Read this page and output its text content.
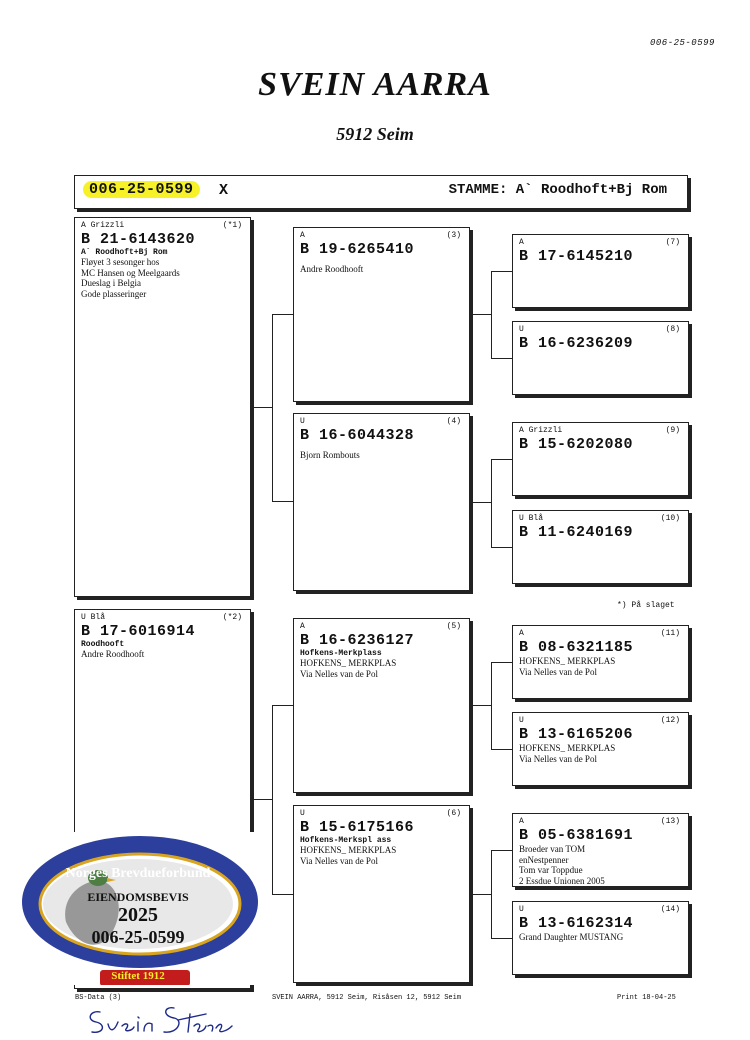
006-25-0599
SVEIN AARRA
5912 Seim
006-25-0599	X	STAMME: A` Roodhoft+Bj Rom
A Grizzli	(*1)
B 21-6143620
A` Roodhoft+Bj Rom
Fløyet 3 sesonger hos
MC Hansen og Meelgaards
Dueslag i Belgia
Gode plasseringer
U Blå	(*2)
B 17-6016914
Roodhooft
Andre Roodhooft
A	(3)
B 19-6265410
Andre Roodhooft
U	(4)
B 16-6044328
Bjorn Rombouts
A	(5)
B 16-6236127
Hofkens-Merkplass
HOFKENS_ MERKPLAS
Via Nelles van de Pol
U	(6)
B 15-6175166
Hofkens-Merkspl ass
HOFKENS_ MERKPLAS
Via Nelles van de Pol
A	(7)
B 17-6145210
U	(8)
B 16-6236209
A Grizzli	(9)
B 15-6202080
U Blå	(10)
B 11-6240169
A	(11)
B 08-6321185
HOFKENS_ MERKPLAS
Via Nelles van de Pol
U	(12)
B 13-6165206
HOFKENS_ MERKPLAS
Via Nelles van de Pol
A	(13)
B 05-6381691
Broeder van TOM
enNestpenner
Tom var Toppdue
2 Essdue Unionen 2005
U	(14)
B 13-6162314
Grand Daughter MUSTANG
*) På slaget
Norges Brevdueforbund
EIENDOMSBEVIS
2025
006-25-0599
Stiftet 1912
BS-Data (3)	SVEIN AARRA, 5912 Seim, Risåsen 12, 5912 Seim	Print 18-04-25
